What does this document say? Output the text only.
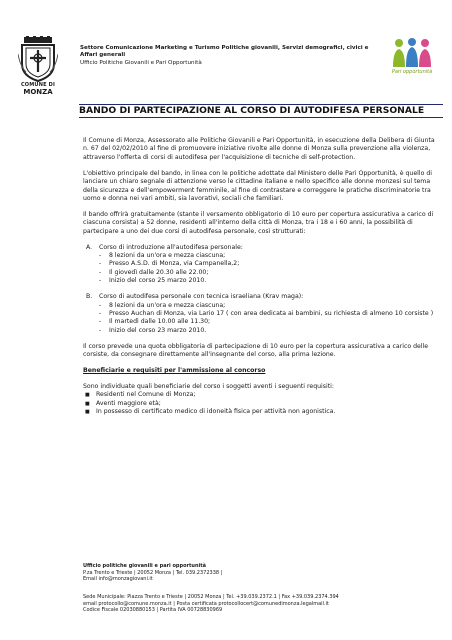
COMUNE DI
MONZA
Settore Comunicazione Marketing e Turismo Politiche giovanili, Servizi demografici, civici e
Affari generali
Ufficio Politiche Giovanili e Pari Opportunità
Pari opportunità
BANDO DI PARTECIPAZIONE AL CORSO DI AUTODIFESA PERSONALE

Il Comune di Monza, Assessorato alle Politiche Giovanili e Pari Opportunità, in esecuzione della Delibera di Giunta n. 67 del 02/02/2010 al fine di promuovere iniziative rivolte alle donne di Monza sulla prevenzione alla violenza, attraverso l'offerta di corsi di autodifesa per l'acquisizione di tecniche di self-protection.

L'obiettivo principale del bando, in linea con le politiche adottate dal Ministero delle Pari Opportunità, è quello di lanciare un chiaro segnale di attenzione verso le cittadine italiane e nello specifico alle donne monzesi sul tema della sicurezza e dell'empowerment femminile, al fine di contrastare e correggere le pratiche discriminatorie tra uomo e donna nei vari ambiti, sia lavorativi, sociali che familiari.

Il bando offrirà gratuitamente (stante il versamento obbligatorio di 10 euro per copertura assicurativa a carico di ciascuna corsista) a 52 donne, residenti all'interno della città di Monza, tra i 18 e i 60 anni, la possibilità di partecipare a uno dei due corsi di autodifesa personale, così strutturati:

A.	Corso di introduzione all'autodifesa personale:
-	8 lezioni da un'ora e mezza ciascuna;
-	Presso A.S.D. di Monza, via Campanella,2;
-	Il giovedì dalle 20.30 alle 22.00;
-	Inizio del corso 25 marzo 2010.
B.	Corso di autodifesa personale con tecnica israeliana (Krav maga):
-	8 lezioni da un'ora e mezza ciascuna;
-	Presso Auchan di Monza, via Lario 17 ( con area dedicata ai bambini, su richiesta di almeno 10 corsiste )
-	Il martedì dalle 10.00 alle 11.30;
-	Inizio del corso 23 marzo 2010.

Il corso prevede una quota obbligatoria di partecipazione di 10 euro per la copertura assicurativa a carico delle corsiste, da consegnare direttamente all'insegnante del corso, alla prima lezione.

Beneficiarie e requisiti per l'ammissione al concorso

Sono individuate quali beneficiarie del corso i soggetti aventi i seguenti requisiti:
■	Residenti nel Comune di Monza;
■	Aventi maggiore età;
■	In possesso di certificato medico di idoneità fisica per attività non agonistica.
Ufficio politiche giovanili e pari opportunità
P.za Trento e Trieste | 20052 Monza | Tel. 039.2372338 |
Email info@monzagiovani.it
Sede Municipale: Piazza Trento e Trieste | 20052 Monza | Tel. +39.039.2372.1 | Fax +39.039.2374.394
email protocollo@comune.monza.it | Posta certificata protocollocert@comunedimonza.legalmail.it
Codice Fiscale 02030880153 | Partita IVA 00728830969
